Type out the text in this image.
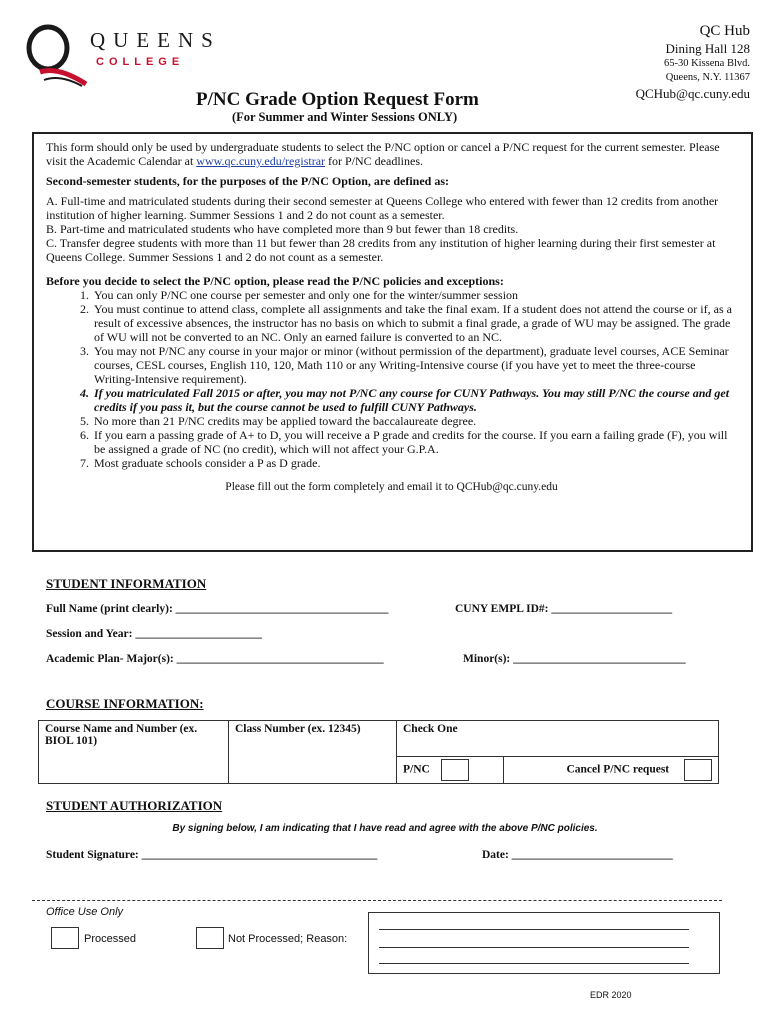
QUEENS
COLLEGE
QC Hub
Dining Hall 128
65-30 Kissena Blvd.
Queens, N.Y. 11367
QCHub@qc.cuny.edu
P/NC Grade Option Request Form
(For Summer and Winter Sessions ONLY)

This form should only be used by undergraduate students to select the P/NC option or cancel a P/NC request for the current semester. Please visit the Academic Calendar at www.qc.cuny.edu/registrar for P/NC deadlines.

Second-semester students, for the purposes of the P/NC Option, are defined as:

A. Full-time and matriculated students during their second semester at Queens College who entered with fewer than 12 credits from another institution of higher learning. Summer Sessions 1 and 2 do not count as a semester.
B. Part-time and matriculated students who have completed more than 9 but fewer than 18 credits.

C. Transfer degree students with more than 11 but fewer than 28 credits from any institution of higher learning during their first semester at Queens College. Summer Sessions 1 and 2 do not count as a semester.

Before you decide to select the P/NC option, please read the P/NC policies and exceptions:
1. You can only P/NC one course per semester and only one for the winter/summer session
2. You must continue to attend class, complete all assignments and take the final exam. If a student does not attend the course or if, as a result of excessive absences, the instructor has no basis on which to submit a final grade, a grade of WU may be assigned. The grade of WU will not be converted to an NC. Only an earned failure is converted to an NC.
3. You may not P/NC any course in your major or minor (without permission of the department), graduate level courses, ACE Seminar courses, CESL courses, English 110, 120, Math 110 or any Writing-Intensive course (if you have yet to meet the three-course Writing-Intensive requirement).
4. If you matriculated Fall 2015 or after, you may not P/NC any course for CUNY Pathways. You may still P/NC the course and get credits if you pass it, but the course cannot be used to fulfill CUNY Pathways.
5. No more than 21 P/NC credits may be applied toward the baccalaureate degree.
6. If you earn a passing grade of A+ to D, you will receive a P grade and credits for the course. If you earn a failing grade (F), you will be assigned a grade of NC (no credit), which will not affect your G.P.A.
7. Most graduate schools consider a P as D grade.
Please fill out the form completely and email it to QCHub@qc.cuny.edu
STUDENT INFORMATION
Full Name (print clearly): _____________________________________	CUNY EMPL ID#: _____________________
Session and Year: ______________________
Academic Plan- Major(s): ____________________________________	Minor(s): ______________________________
COURSE INFORMATION:
Course Name and Number (ex. BIOL 101)	Class Number (ex. 12345)	Check One	
		P/NC	Cancel P/NC request
STUDENT AUTHORIZATION
By signing below, I am indicating that I have read and agree with the above P/NC policies.
Student Signature: _________________________________________	Date: ____________________________
Office Use Only
Processed	Not Processed; Reason:
EDR 2020
